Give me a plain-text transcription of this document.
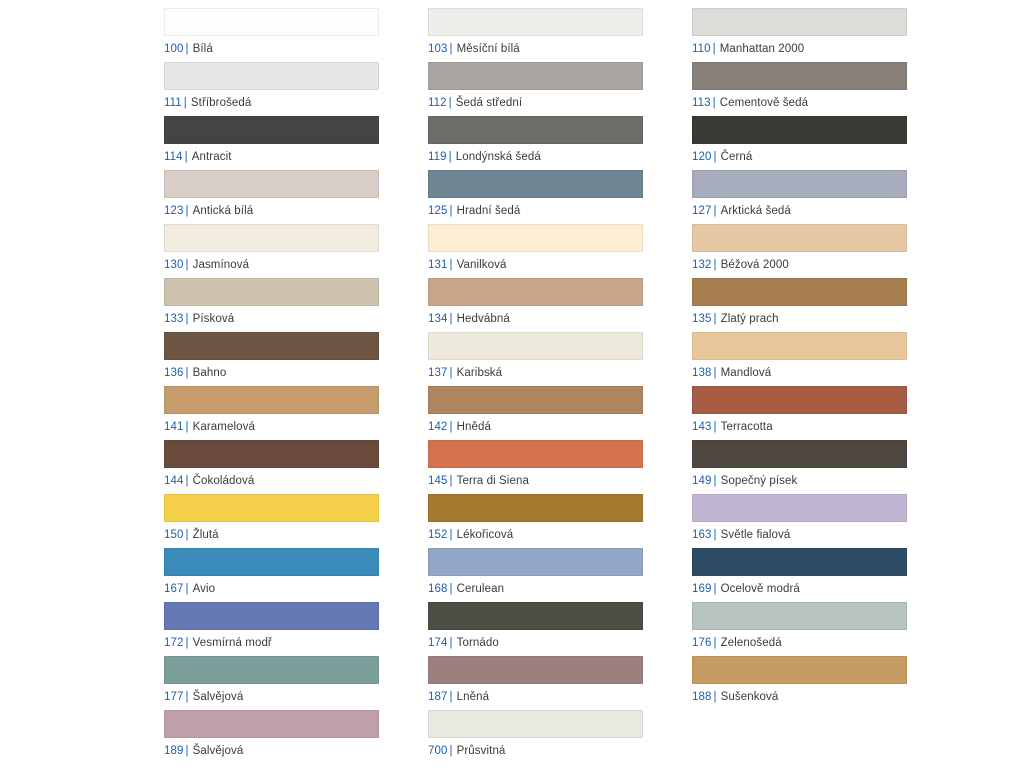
100 | Bílá	103 | Měsíční bílá	110 | Manhattan 2000
111 | Stříbrošedá	112 | Šedá střední	113 | Cementově šedá
114 | Antracit	119 | Londýnská šedá	120 | Černá
123 | Antická bílá	125 | Hradní šedá	127 | Arktická šedá
130 | Jasmínová	131 | Vanilková	132 | Béžová 2000
133 | Písková	134 | Hedvábná	135 | Zlatý prach
136 | Bahno	137 | Karibská	138 | Mandlová
141 | Karamelová	142 | Hnědá	143 | Terracotta
144 | Čokoládová	145 | Terra di Siena	149 | Sopečný písek
150 | Žlutá	152 | Lékořicová	163 | Světle fialová
167 | Avio	168 | Cerulean	169 | Ocelově modrá
172 | Vesmírná modř	174 | Tornádo	176 | Zelenošedá
177 | Šalvějová	187 | Lněná	188 | Sušenková
189 | Šalvějová	700 | Průsvitná
